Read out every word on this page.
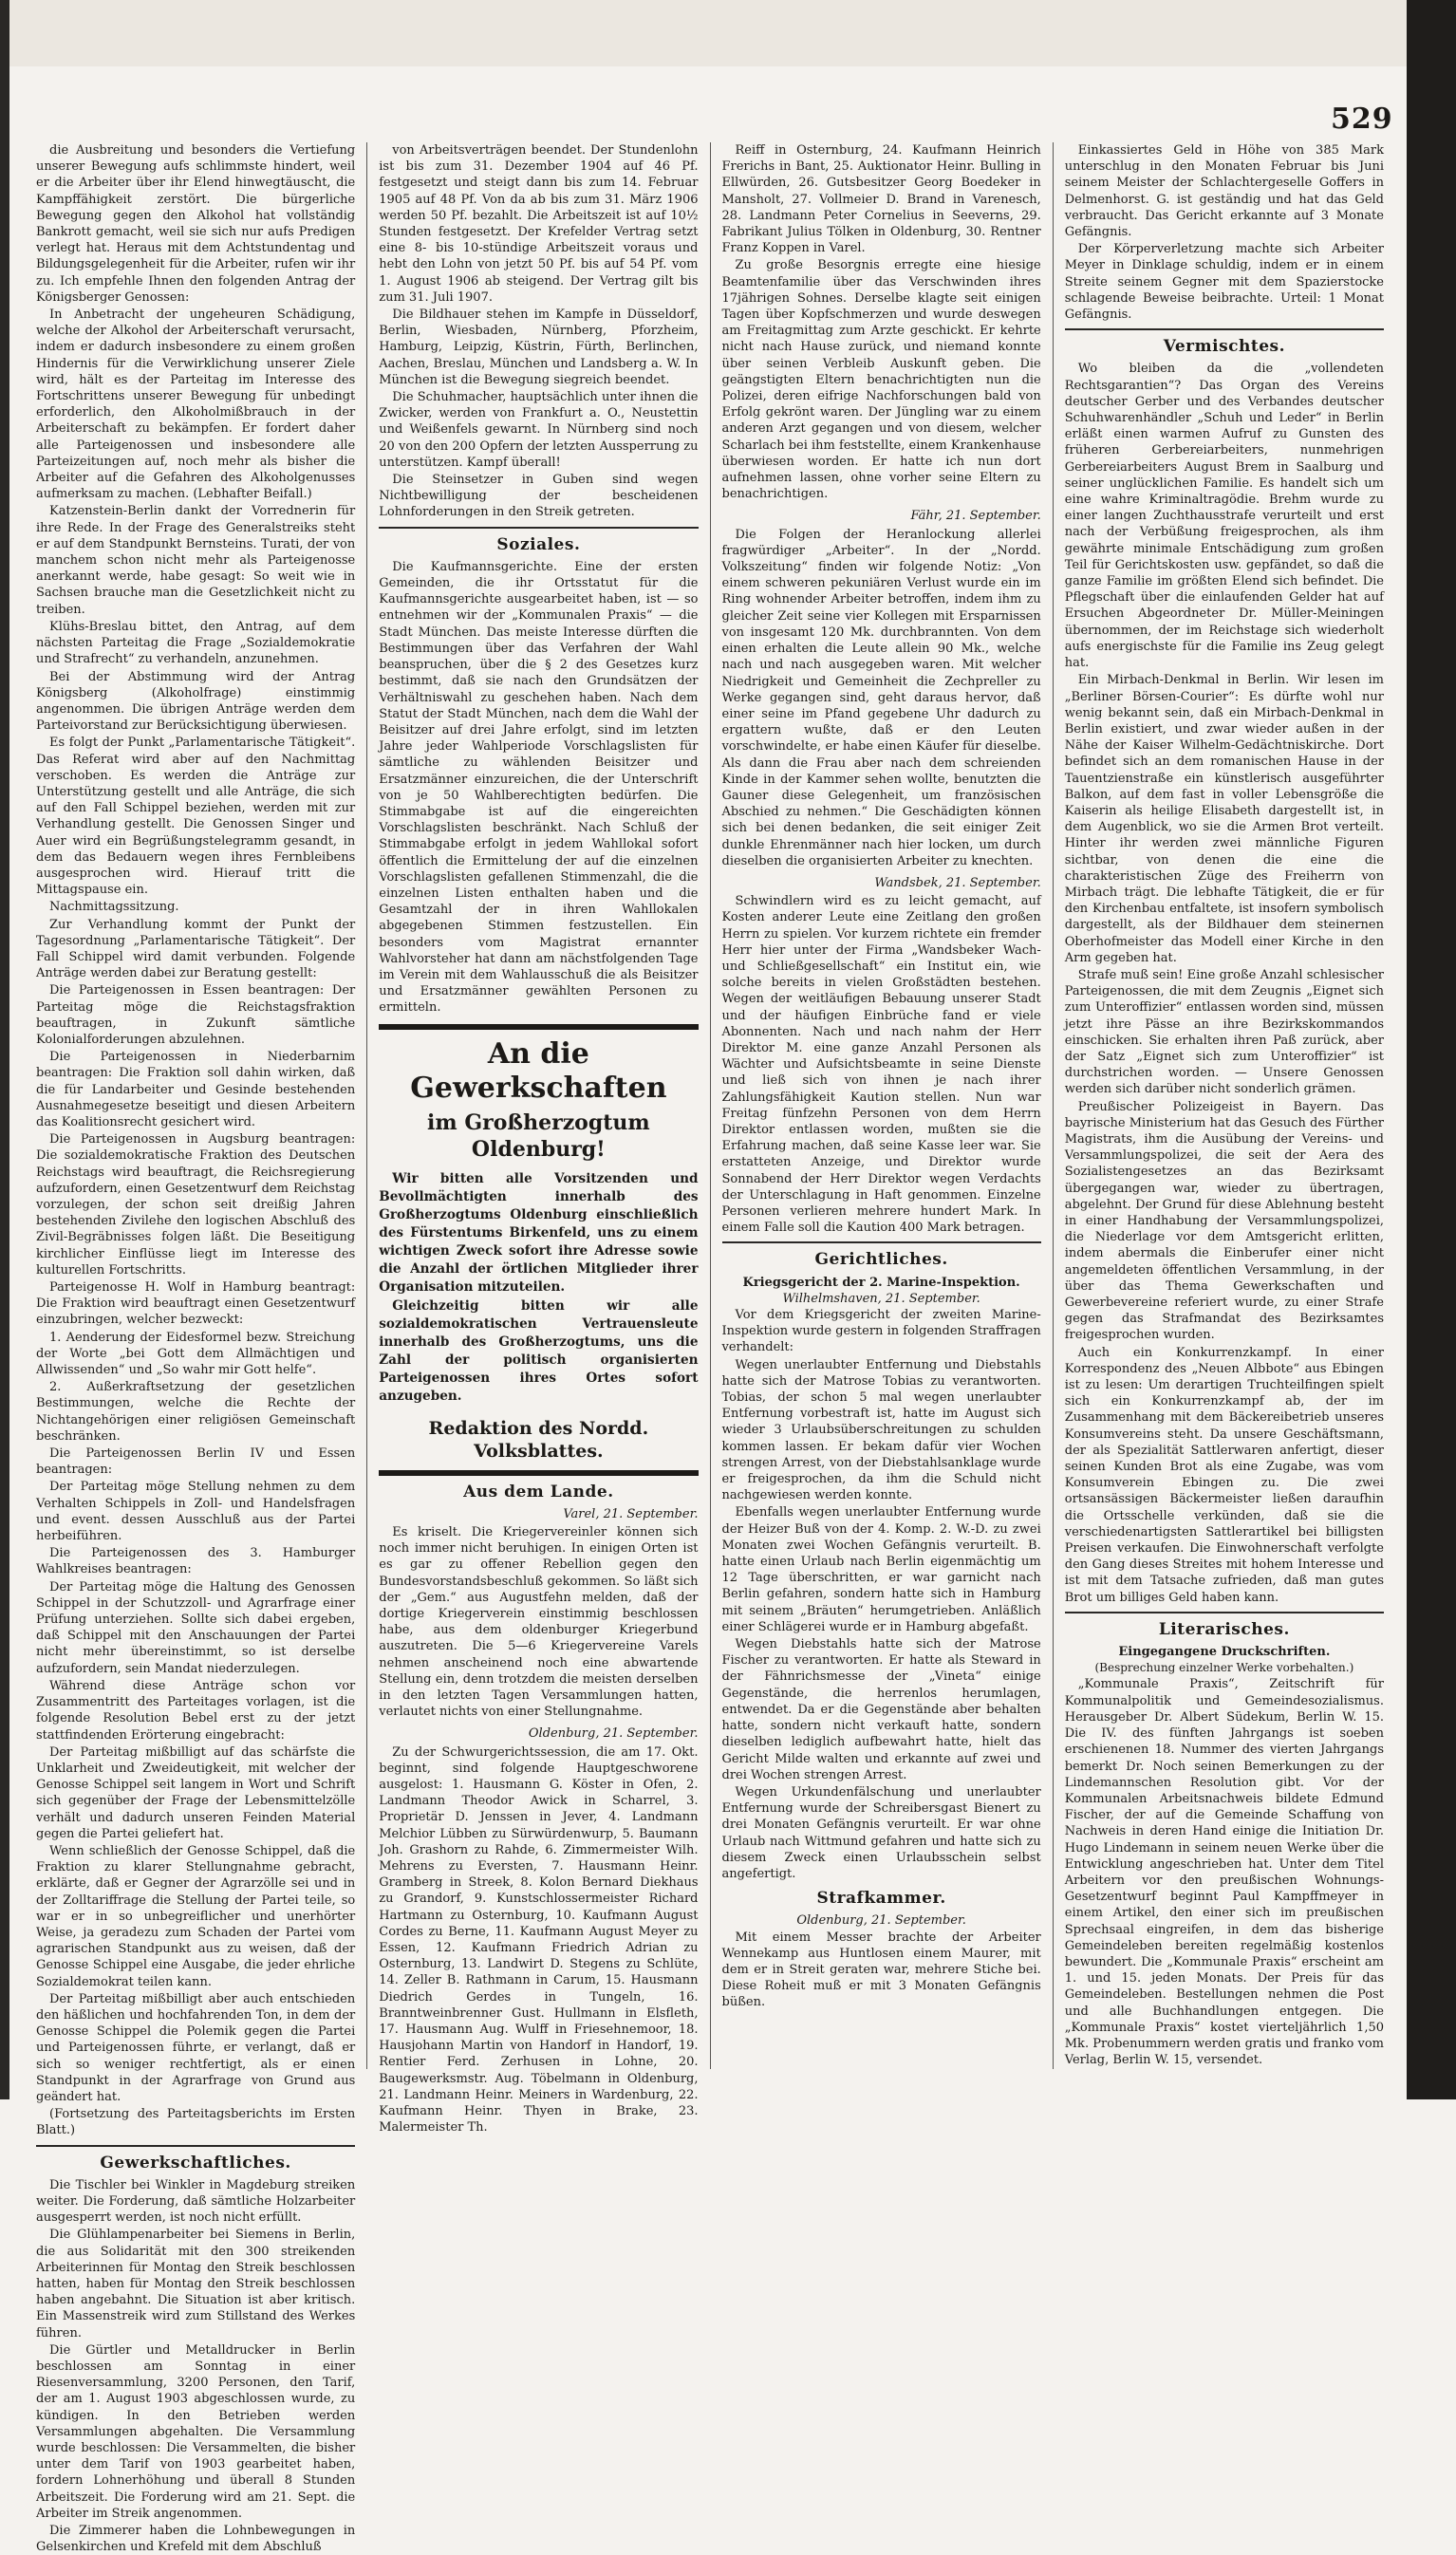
529

die Ausbreitung und besonders die Vertiefung unserer Bewegung aufs schlimmste hindert, weil er die Arbeiter über ihr Elend hinwegtäuscht, die Kampffähigkeit zerstört. Die bürgerliche Bewegung gegen den Alkohol hat vollständig Bankrott gemacht, weil sie sich nur aufs Predigen verlegt hat. Heraus mit dem Achtstundentag und Bildungsgelegenheit für die Arbeiter, rufen wir ihr zu. Ich empfehle Ihnen den folgenden Antrag der Königsberger Genossen:

In Anbetracht der ungeheuren Schädigung, welche der Alkohol der Arbeiterschaft verursacht, indem er dadurch insbesondere zu einem großen Hindernis für die Verwirklichung unserer Ziele wird, hält es der Parteitag im Interesse des Fortschrittens unserer Bewegung für unbedingt erforderlich, den Alkoholmißbrauch in der Arbeiterschaft zu bekämpfen. Er fordert daher alle Parteigenossen und insbesondere alle Parteizeitungen auf, noch mehr als bisher die Arbeiter auf die Gefahren des Alkoholgenusses aufmerksam zu machen. (Lebhafter Beifall.)

Katzenstein-Berlin dankt der Vorrednerin für ihre Rede. In der Frage des Generalstreiks steht er auf dem Standpunkt Bernsteins. Turati, der von manchem schon nicht mehr als Parteigenosse anerkannt werde, habe gesagt: So weit wie in Sachsen brauche man die Gesetzlichkeit nicht zu treiben.

Klühs-Breslau bittet, den Antrag, auf dem nächsten Parteitag die Frage „Sozialdemokratie und Strafrecht“ zu verhandeln, anzunehmen.

Bei der Abstimmung wird der Antrag Königsberg (Alkoholfrage) einstimmig angenommen. Die übrigen Anträge werden dem Parteivorstand zur Berücksichtigung überwiesen.

Es folgt der Punkt „Parlamentarische Tätigkeit“. Das Referat wird aber auf den Nachmittag verschoben. Es werden die Anträge zur Unterstützung gestellt und alle Anträge, die sich auf den Fall Schippel beziehen, werden mit zur Verhandlung gestellt. Die Genossen Singer und Auer wird ein Begrüßungstelegramm gesandt, in dem das Bedauern wegen ihres Fernbleibens ausgesprochen wird. Hierauf tritt die Mittagspause ein.

Nachmittagssitzung.

Zur Verhandlung kommt der Punkt der Tagesordnung „Parlamentarische Tätigkeit“. Der Fall Schippel wird damit verbunden. Folgende Anträge werden dabei zur Beratung gestellt:

Die Parteigenossen in Essen beantragen: Der Parteitag möge die Reichstagsfraktion beauftragen, in Zukunft sämtliche Kolonialforderungen abzulehnen.

Die Parteigenossen in Niederbarnim beantragen: Die Fraktion soll dahin wirken, daß die für Landarbeiter und Gesinde bestehenden Ausnahmegesetze beseitigt und diesen Arbeitern das Koalitionsrecht gesichert wird.

Die Parteigenossen in Augsburg beantragen: Die sozialdemokratische Fraktion des Deutschen Reichstags wird beauftragt, die Reichsregierung aufzufordern, einen Gesetzentwurf dem Reichstag vorzulegen, der schon seit dreißig Jahren bestehenden Zivilehe den logischen Abschluß des Zivil-Begräbnisses folgen läßt. Die Beseitigung kirchlicher Einflüsse liegt im Interesse des kulturellen Fortschritts.

Parteigenosse H. Wolf in Hamburg beantragt: Die Fraktion wird beauftragt einen Gesetzentwurf einzubringen, welcher bezweckt:

1. Aenderung der Eidesformel bezw. Streichung der Worte „bei Gott dem Allmächtigen und Allwissenden“ und „So wahr mir Gott helfe“.

2. Außerkraftsetzung der gesetzlichen Bestimmungen, welche die Rechte der Nichtangehörigen einer religiösen Gemeinschaft beschränken.

Die Parteigenossen Berlin IV und Essen beantragen:

Der Parteitag möge Stellung nehmen zu dem Verhalten Schippels in Zoll- und Handelsfragen und event. dessen Ausschluß aus der Partei herbeiführen.

Die Parteigenossen des 3. Hamburger Wahlkreises beantragen:

Der Parteitag möge die Haltung des Genossen Schippel in der Schutzzoll- und Agrarfrage einer Prüfung unterziehen. Sollte sich dabei ergeben, daß Schippel mit den Anschauungen der Partei nicht mehr übereinstimmt, so ist derselbe aufzufordern, sein Mandat niederzulegen.

Während diese Anträge schon vor Zusammentritt des Parteitages vorlagen, ist die folgende Resolution Bebel erst zu der jetzt stattfindenden Erörterung eingebracht:

Der Parteitag mißbilligt auf das schärfste die Unklarheit und Zweideutigkeit, mit welcher der Genosse Schippel seit langem in Wort und Schrift sich gegenüber der Frage der Lebensmittelzölle verhält und dadurch unseren Feinden Material gegen die Partei geliefert hat.

Wenn schließlich der Genosse Schippel, daß die Fraktion zu klarer Stellungnahme gebracht, erklärte, daß er Gegner der Agrarzölle sei und in der Zolltariffrage die Stellung der Partei teile, so war er in so unbegreiflicher und unerhörter Weise, ja geradezu zum Schaden der Partei vom agrarischen Standpunkt aus zu weisen, daß der Genosse Schippel eine Ausgabe, die jeder ehrliche Sozialdemokrat teilen kann.

Der Parteitag mißbilligt aber auch entschieden den häßlichen und hochfahrenden Ton, in dem der Genosse Schippel die Polemik gegen die Partei und Parteigenossen führte, er verlangt, daß er sich so weniger rechtfertigt, als er einen Standpunkt in der Agrarfrage von Grund aus geändert hat.

(Fortsetzung des Parteitagsberichts im Ersten Blatt.)

Gewerkschaftliches.

Die Tischler bei Winkler in Magdeburg streiken weiter. Die Forderung, daß sämtliche Holzarbeiter ausgesperrt werden, ist noch nicht erfüllt.

Die Glühlampenarbeiter bei Siemens in Berlin, die aus Solidarität mit den 300 streikenden Arbeiterinnen für Montag den Streik beschlossen hatten, haben für Montag den Streik beschlossen haben angebahnt. Die Situation ist aber kritisch. Ein Massenstreik wird zum Stillstand des Werkes führen.

Die Gürtler und Metalldrucker in Berlin beschlossen am Sonntag in einer Riesenversammlung, 3200 Personen, den Tarif, der am 1. August 1903 abgeschlossen wurde, zu kündigen. In den Betrieben werden Versammlungen abgehalten. Die Versammlung wurde beschlossen: Die Versammelten, die bisher unter dem Tarif von 1903 gearbeitet haben, fordern Lohnerhöhung und überall 8 Stunden Arbeitszeit. Die Forderung wird am 21. Sept. die Arbeiter im Streik angenommen.

Die Zimmerer haben die Lohnbewegungen in Gelsenkirchen und Krefeld mit dem Abschluß

von Arbeitsverträgen beendet. Der Stundenlohn ist bis zum 31. Dezember 1904 auf 46 Pf. festgesetzt und steigt dann bis zum 14. Februar 1905 auf 48 Pf. Von da ab bis zum 31. März 1906 werden 50 Pf. bezahlt. Die Arbeitszeit ist auf 10½ Stunden festgesetzt. Der Krefelder Vertrag setzt eine 8- bis 10-stündige Arbeitszeit voraus und hebt den Lohn von jetzt 50 Pf. bis auf 54 Pf. vom 1. August 1906 ab steigend. Der Vertrag gilt bis zum 31. Juli 1907.

Die Bildhauer stehen im Kampfe in Düsseldorf, Berlin, Wiesbaden, Nürnberg, Pforzheim, Hamburg, Leipzig, Küstrin, Fürth, Berlinchen, Aachen, Breslau, München und Landsberg a. W. In München ist die Bewegung siegreich beendet.

Die Schuhmacher, hauptsächlich unter ihnen die Zwicker, werden von Frankfurt a. O., Neustettin und Weißenfels gewarnt. In Nürnberg sind noch 20 von den 200 Opfern der letzten Aussperrung zu unterstützen. Kampf überall!

Die Steinsetzer in Guben sind wegen Nichtbewilligung der bescheidenen Lohnforderungen in den Streik getreten.

Soziales.

Die Kaufmannsgerichte. Eine der ersten Gemeinden, die ihr Ortsstatut für die Kaufmannsgerichte ausgearbeitet haben, ist — so entnehmen wir der „Kommunalen Praxis“ — die Stadt München. Das meiste Interesse dürften die Bestimmungen über das Verfahren der Wahl beanspruchen, über die § 2 des Gesetzes kurz bestimmt, daß sie nach den Grundsätzen der Verhältniswahl zu geschehen haben. Nach dem Statut der Stadt München, nach dem die Wahl der Beisitzer auf drei Jahre erfolgt, sind im letzten Jahre jeder Wahlperiode Vorschlagslisten für sämtliche zu wählenden Beisitzer und Ersatzmänner einzureichen, die der Unterschrift von je 50 Wahlberechtigten bedürfen. Die Stimmabgabe ist auf die eingereichten Vorschlagslisten beschränkt. Nach Schluß der Stimmabgabe erfolgt in jedem Wahllokal sofort öffentlich die Ermittelung der auf die einzelnen Vorschlagslisten gefallenen Stimmenzahl, die die einzelnen Listen enthalten haben und die Gesamtzahl der in ihren Wahllokalen abgegebenen Stimmen festzustellen. Ein besonders vom Magistrat ernannter Wahlvorsteher hat dann am nächstfolgenden Tage im Verein mit dem Wahlausschuß die als Beisitzer und Ersatzmänner gewählten Personen zu ermitteln.

An die Gewerkschaften
im Großherzogtum Oldenburg!

Wir bitten alle Vorsitzenden und Bevollmächtigten innerhalb des Großherzogtums Oldenburg einschließlich des Fürstentums Birkenfeld, uns zu einem wichtigen Zweck sofort ihre Adresse sowie die Anzahl der örtlichen Mitglieder ihrer Organisation mitzuteilen.

Gleichzeitig bitten wir alle sozialdemokratischen Vertrauensleute innerhalb des Großherzogtums, uns die Zahl der politisch organisierten Parteigenossen ihres Ortes sofort anzugeben.

Redaktion des Nordd. Volksblattes.
Aus dem Lande.
Varel, 21. September.

Es kriselt. Die Kriegervereinler können sich noch immer nicht beruhigen. In einigen Orten ist es gar zu offener Rebellion gegen den Bundesvorstandsbeschluß gekommen. So läßt sich der „Gem.“ aus Augustfehn melden, daß der dortige Kriegerverein einstimmig beschlossen habe, aus dem oldenburger Kriegerbund auszutreten. Die 5—6 Kriegervereine Varels nehmen anscheinend noch eine abwartende Stellung ein, denn trotzdem die meisten derselben in den letzten Tagen Versammlungen hatten, verlautet nichts von einer Stellungnahme.

Oldenburg, 21. September.

Zu der Schwurgerichtssession, die am 17. Okt. beginnt, sind folgende Hauptgeschworene ausgelost: 1. Hausmann G. Köster in Ofen, 2. Landmann Theodor Awick in Scharrel, 3. Proprietär D. Jenssen in Jever, 4. Landmann Melchior Lübben zu Sürwürdenwurp, 5. Baumann Joh. Grashorn zu Rahde, 6. Zimmermeister Wilh. Mehrens zu Eversten, 7. Hausmann Heinr. Gramberg in Streek, 8. Kolon Bernard Diekhaus zu Grandorf, 9. Kunstschlossermeister Richard Hartmann zu Osternburg, 10. Kaufmann August Cordes zu Berne, 11. Kaufmann August Meyer zu Essen, 12. Kaufmann Friedrich Adrian zu Osternburg, 13. Landwirt D. Stegens zu Schlüte, 14. Zeller B. Rathmann in Carum, 15. Hausmann Diedrich Gerdes in Tungeln, 16. Branntweinbrenner Gust. Hullmann in Elsfleth, 17. Hausmann Aug. Wulff in Friesehnemoor, 18. Hausjohann Martin von Handorf in Handorf, 19. Rentier Ferd. Zerhusen in Lohne, 20. Baugewerksmstr. Aug. Töbelmann in Oldenburg, 21. Landmann Heinr. Meiners in Wardenburg, 22. Kaufmann Heinr. Thyen in Brake, 23. Malermeister Th.

Reiff in Osternburg, 24. Kaufmann Heinrich Frerichs in Bant, 25. Auktionator Heinr. Bulling in Ellwürden, 26. Gutsbesitzer Georg Boedeker in Mansholt, 27. Vollmeier D. Brand in Varenesch, 28. Landmann Peter Cornelius in Seeverns, 29. Fabrikant Julius Tölken in Oldenburg, 30. Rentner Franz Koppen in Varel.

Zu große Besorgnis erregte eine hiesige Beamtenfamilie über das Verschwinden ihres 17jährigen Sohnes. Derselbe klagte seit einigen Tagen über Kopfschmerzen und wurde deswegen am Freitagmittag zum Arzte geschickt. Er kehrte nicht nach Hause zurück, und niemand konnte über seinen Verbleib Auskunft geben. Die geängstigten Eltern benachrichtigten nun die Polizei, deren eifrige Nachforschungen bald von Erfolg gekrönt waren. Der Jüngling war zu einem anderen Arzt gegangen und von diesem, welcher Scharlach bei ihm feststellte, einem Krankenhause überwiesen worden. Er hatte ich nun dort aufnehmen lassen, ohne vorher seine Eltern zu benachrichtigen.

Fähr, 21. September.

Die Folgen der Heranlockung allerlei fragwürdiger „Arbeiter“. In der „Nordd. Volkszeitung“ finden wir folgende Notiz: „Von einem schweren pekuniären Verlust wurde ein im Ring wohnender Arbeiter betroffen, indem ihm zu gleicher Zeit seine vier Kollegen mit Ersparnissen von insgesamt 120 Mk. durchbrannten. Von dem einen erhalten die Leute allein 90 Mk., welche nach und nach ausgegeben waren. Mit welcher Niedrigkeit und Gemeinheit die Zechpreller zu Werke gegangen sind, geht daraus hervor, daß einer seine im Pfand gegebene Uhr dadurch zu ergattern wußte, daß er den Leuten vorschwindelte, er habe einen Käufer für dieselbe. Als dann die Frau aber nach dem schreienden Kinde in der Kammer sehen wollte, benutzten die Gauner diese Gelegenheit, um französischen Abschied zu nehmen.“ Die Geschädigten können sich bei denen bedanken, die seit einiger Zeit dunkle Ehrenmänner nach hier locken, um durch dieselben die organisierten Arbeiter zu knechten.

Wandsbek, 21. September.

Schwindlern wird es zu leicht gemacht, auf Kosten anderer Leute eine Zeitlang den großen Herrn zu spielen. Vor kurzem richtete ein fremder Herr hier unter der Firma „Wandsbeker Wach- und Schließgesellschaft“ ein Institut ein, wie solche bereits in vielen Großstädten bestehen. Wegen der weitläufigen Bebauung unserer Stadt und der häufigen Einbrüche fand er viele Abonnenten. Nach und nach nahm der Herr Direktor M. eine ganze Anzahl Personen als Wächter und Aufsichtsbeamte in seine Dienste und ließ sich von ihnen je nach ihrer Zahlungsfähigkeit Kaution stellen. Nun war Freitag fünfzehn Personen von dem Herrn Direktor entlassen worden, mußten sie die Erfahrung machen, daß seine Kasse leer war. Sie erstatteten Anzeige, und Direktor wurde Sonnabend der Herr Direktor wegen Verdachts der Unterschlagung in Haft genommen. Einzelne Personen verlieren mehrere hundert Mark. In einem Falle soll die Kaution 400 Mark betragen.

Gerichtliches.
Kriegsgericht der 2. Marine-Inspektion.
Wilhelmshaven, 21. September.

Vor dem Kriegsgericht der zweiten Marine-Inspektion wurde gestern in folgenden Straffragen verhandelt:

Wegen unerlaubter Entfernung und Diebstahls hatte sich der Matrose Tobias zu verantworten. Tobias, der schon 5 mal wegen unerlaubter Entfernung vorbestraft ist, hatte im August sich wieder 3 Urlaubsüberschreitungen zu schulden kommen lassen. Er bekam dafür vier Wochen strengen Arrest, von der Diebstahlsanklage wurde er freigesprochen, da ihm die Schuld nicht nachgewiesen werden konnte.

Ebenfalls wegen unerlaubter Entfernung wurde der Heizer Buß von der 4. Komp. 2. W.-D. zu zwei Monaten zwei Wochen Gefängnis verurteilt. B. hatte einen Urlaub nach Berlin eigenmächtig um 12 Tage überschritten, er war garnicht nach Berlin gefahren, sondern hatte sich in Hamburg mit seinem „Bräuten“ herumgetrieben. Anläßlich einer Schlägerei wurde er in Hamburg abgefaßt.

Wegen Diebstahls hatte sich der Matrose Fischer zu verantworten. Er hatte als Steward in der Fähnrichsmesse der „Vineta“ einige Gegenstände, die herrenlos herumlagen, entwendet. Da er die Gegenstände aber behalten hatte, sondern nicht verkauft hatte, sondern dieselben lediglich aufbewahrt hatte, hielt das Gericht Milde walten und erkannte auf zwei und drei Wochen strengen Arrest.

Wegen Urkundenfälschung und unerlaubter Entfernung wurde der Schreibersgast Bienert zu drei Monaten Gefängnis verurteilt. Er war ohne Urlaub nach Wittmund gefahren und hatte sich zu diesem Zweck einen Urlaubsschein selbst angefertigt.

Strafkammer.
Oldenburg, 21. September.

Mit einem Messer brachte der Arbeiter Wennekamp aus Huntlosen einem Maurer, mit dem er in Streit geraten war, mehrere Stiche bei. Diese Roheit muß er mit 3 Monaten Gefängnis büßen.

Einkassiertes Geld in Höhe von 385 Mark unterschlug in den Monaten Februar bis Juni seinem Meister der Schlachtergeselle Goffers in Delmenhorst. G. ist geständig und hat das Geld verbraucht. Das Gericht erkannte auf 3 Monate Gefängnis.

Der Körperverletzung machte sich Arbeiter Meyer in Dinklage schuldig, indem er in einem Streite seinem Gegner mit dem Spazierstocke schlagende Beweise beibrachte. Urteil: 1 Monat Gefängnis.

Vermischtes.

Wo bleiben da die „vollendeten Rechtsgarantien“? Das Organ des Vereins deutscher Gerber und des Verbandes deutscher Schuhwarenhändler „Schuh und Leder“ in Berlin erläßt einen warmen Aufruf zu Gunsten des früheren Gerbereiarbeiters, nunmehrigen Gerbereiarbeiters August Brem in Saalburg und seiner unglücklichen Familie. Es handelt sich um eine wahre Kriminaltragödie. Brehm wurde zu einer langen Zuchthausstrafe verurteilt und erst nach der Verbüßung freigesprochen, als ihm gewährte minimale Entschädigung zum großen Teil für Gerichtskosten usw. gepfändet, so daß die ganze Familie im größten Elend sich befindet. Die Pflegschaft über die einlaufenden Gelder hat auf Ersuchen Abgeordneter Dr. Müller-Meiningen übernommen, der im Reichstage sich wiederholt aufs energischste für die Familie ins Zeug gelegt hat.

Ein Mirbach-Denkmal in Berlin. Wir lesen im „Berliner Börsen-Courier“: Es dürfte wohl nur wenig bekannt sein, daß ein Mirbach-Denkmal in Berlin existiert, und zwar wieder außen in der Nähe der Kaiser Wilhelm-Gedächtniskirche. Dort befindet sich an dem romanischen Hause in der Tauentzienstraße ein künstlerisch ausgeführter Balkon, auf dem fast in voller Lebensgröße die Kaiserin als heilige Elisabeth dargestellt ist, in dem Augenblick, wo sie die Armen Brot verteilt. Hinter ihr werden zwei männliche Figuren sichtbar, von denen die eine die charakteristischen Züge des Freiherrn von Mirbach trägt. Die lebhafte Tätigkeit, die er für den Kirchenbau entfaltete, ist insofern symbolisch dargestellt, als der Bildhauer dem steinernen Oberhofmeister das Modell einer Kirche in den Arm gegeben hat.

Strafe muß sein! Eine große Anzahl schlesischer Parteigenossen, die mit dem Zeugnis „Eignet sich zum Unteroffizier“ entlassen worden sind, müssen jetzt ihre Pässe an ihre Bezirkskommandos einschicken. Sie erhalten ihren Paß zurück, aber der Satz „Eignet sich zum Unteroffizier“ ist durchstrichen worden. — Unsere Genossen werden sich darüber nicht sonderlich grämen.

Preußischer Polizeigeist in Bayern. Das bayrische Ministerium hat das Gesuch des Fürther Magistrats, ihm die Ausübung der Vereins- und Versammlungspolizei, die seit der Aera des Sozialistengesetzes an das Bezirksamt übergegangen war, wieder zu übertragen, abgelehnt. Der Grund für diese Ablehnung besteht in einer Handhabung der Versammlungspolizei, die Niederlage vor dem Amtsgericht erlitten, indem abermals die Einberufer einer nicht angemeldeten öffentlichen Versammlung, in der über das Thema Gewerkschaften und Gewerbevereine referiert wurde, zu einer Strafe gegen das Strafmandat des Bezirksamtes freigesprochen wurden.

Auch ein Konkurrenzkampf. In einer Korrespondenz des „Neuen Albbote“ aus Ebingen ist zu lesen: Um derartigen Truchteilfingen spielt sich ein Konkurrenzkampf ab, der im Zusammenhang mit dem Bäckereibetrieb unseres Konsumvereins steht. Da unsere Geschäftsmann, der als Spezialität Sattlerwaren anfertigt, dieser seinen Kunden Brot als eine Zugabe, was vom Konsumverein Ebingen zu. Die zwei ortsansässigen Bäckermeister ließen daraufhin die Ortsschelle verkünden, daß sie die verschiedenartigsten Sattlerartikel bei billigsten Preisen verkaufen. Die Einwohnerschaft verfolgte den Gang dieses Streites mit hohem Interesse und ist mit dem Tatsache zufrieden, daß man gutes Brot um billiges Geld haben kann.

Literarisches.
Eingegangene Druckschriften.
(Besprechung einzelner Werke vorbehalten.)

„Kommunale Praxis“, Zeitschrift für Kommunalpolitik und Gemeindesozialismus. Herausgeber Dr. Albert Südekum, Berlin W. 15. Die IV. des fünften Jahrgangs ist soeben erschienenen 18. Nummer des vierten Jahrgangs bemerkt Dr. Noch seinen Bemerkungen zu der Lindemannschen Resolution gibt. Vor der Kommunalen Arbeitsnachweis bildete Edmund Fischer, der auf die Gemeinde Schaffung von Nachweis in deren Hand einige die Initiation Dr. Hugo Lindemann in seinem neuen Werke über die Entwicklung angeschrieben hat. Unter dem Titel Arbeitern vor den preußischen Wohnungs-Gesetzentwurf beginnt Paul Kampffmeyer in einem Artikel, den einer sich im preußischen Sprechsaal eingreifen, in dem das bisherige Gemeindeleben bereiten regelmäßig kostenlos bewundert. Die „Kommunale Praxis“ erscheint am 1. und 15. jeden Monats. Der Preis für das Gemeindeleben. Bestellungen nehmen die Post und alle Buchhandlungen entgegen. Die „Kommunale Praxis“ kostet vierteljährlich 1,50 Mk. Probenummern werden gratis und franko vom Verlag, Berlin W. 15, versendet.
